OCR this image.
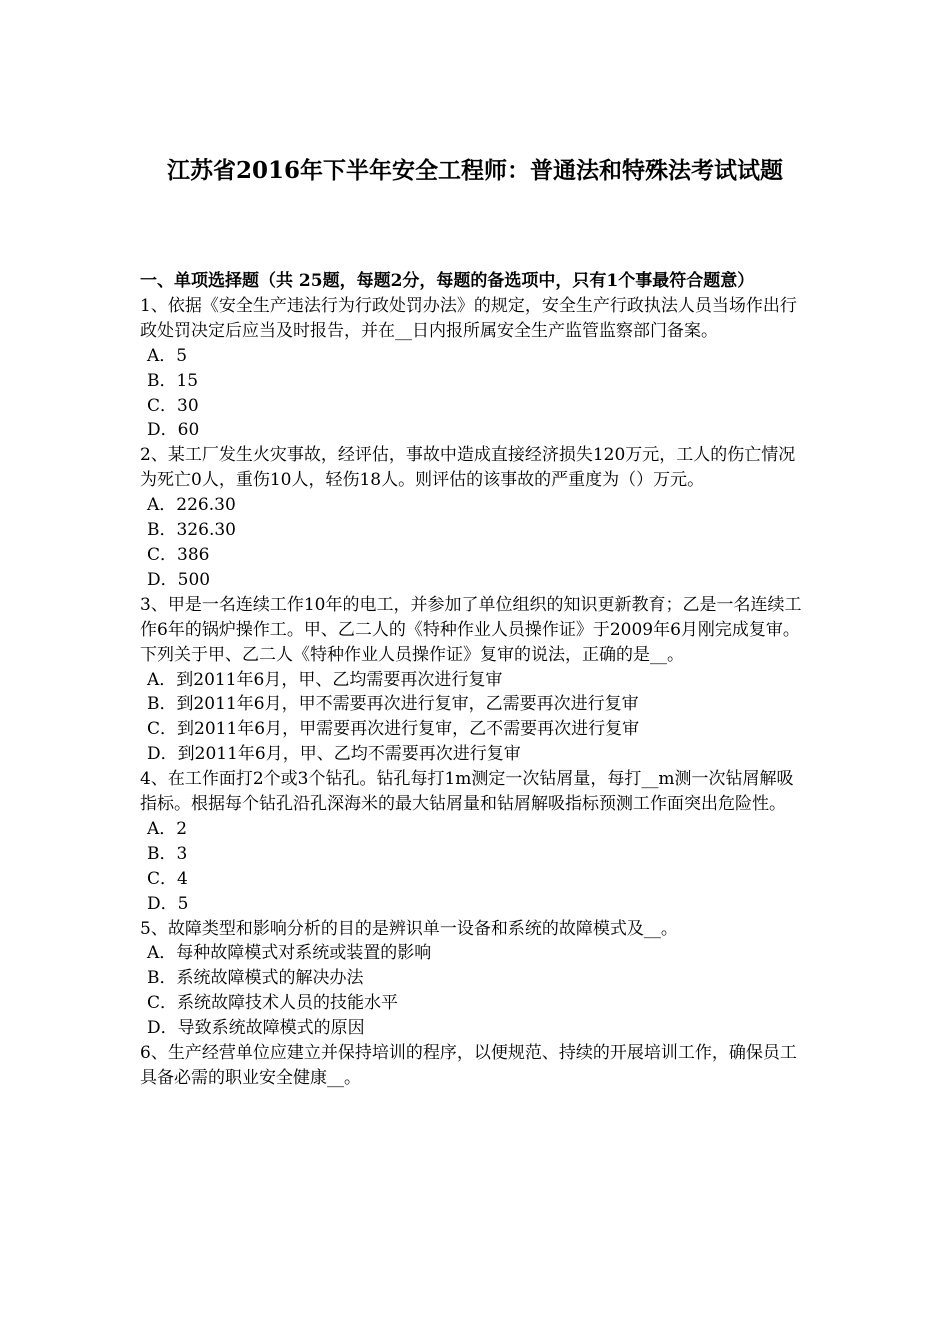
江苏省2016年下半年安全工程师：普通法和特殊法考试试题
一、单项选择题（共 25题，每题2分，每题的备选项中，只有1个事最符合题意）
1、依据《安全生产违法行为行政处罚办法》的规定，安全生产行政执法人员当场作出行政处罚决定后应当及时报告，并在__日内报所属安全生产监管监察部门备案。
A．5
B．15
C．30
D．60
2、某工厂发生火灾事故，经评估，事故中造成直接经济损失120万元，工人的伤亡情况为死亡0人，重伤10人，轻伤18人。则评估的该事故的严重度为（）万元。
A．226.30
B．326.30
C．386
D．500
3、甲是一名连续工作10年的电工，并参加了单位组织的知识更新教育；乙是一名连续工作6年的锅炉操作工。甲、乙二人的《特种作业人员操作证》于2009年6月刚完成复审。下列关于甲、乙二人《特种作业人员操作证》复审的说法，正确的是__。
A．到2011年6月，甲、乙均需要再次进行复审
B．到2011年6月，甲不需要再次进行复审，乙需要再次进行复审
C．到2011年6月，甲需要再次进行复审，乙不需要再次进行复审
D．到2011年6月，甲、乙均不需要再次进行复审
4、在工作面打2个或3个钻孔。钻孔每打1m测定一次钻屑量，每打__m测一次钻屑解吸指标。根据每个钻孔沿孔深海米的最大钻屑量和钻屑解吸指标预测工作面突出危险性。
A．2
B．3
C．4
D．5
5、故障类型和影响分析的目的是辨识单一设备和系统的故障模式及__。
A．每种故障模式对系统或装置的影响
B．系统故障模式的解决办法
C．系统故障技术人员的技能水平
D．导致系统故障模式的原因
6、生产经营单位应建立并保持培训的程序，以便规范、持续的开展培训工作，确保员工具备必需的职业安全健康__。
